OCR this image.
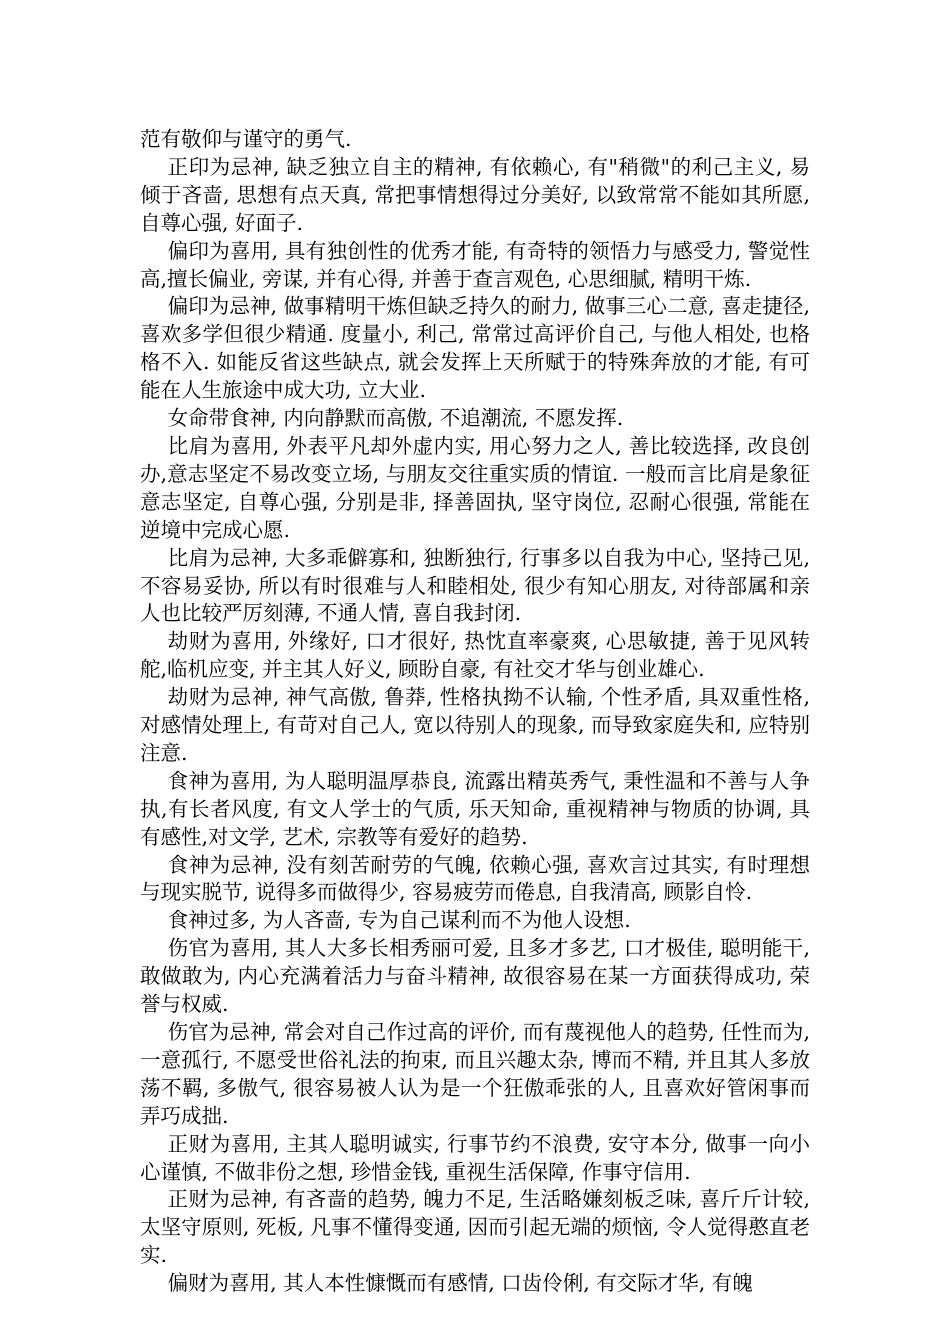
范有敬仰与谨守的勇气.

正印为忌神, 缺乏独立自主的精神, 有依赖心, 有"稍微"的利己主义, 易倾于吝啬, 思想有点天真, 常把事情想得过分美好, 以致常常不能如其所愿, 自尊心强, 好面子.

偏印为喜用, 具有独创性的优秀才能, 有奇特的领悟力与感受力, 警觉性高,擅长偏业, 旁谋, 并有心得, 并善于查言观色, 心思细腻, 精明干炼.

偏印为忌神, 做事精明干炼但缺乏持久的耐力, 做事三心二意, 喜走捷径,喜欢多学但很少精通. 度量小, 利己, 常常过高评价自己, 与他人相处, 也格格不入. 如能反省这些缺点, 就会发挥上天所赋于的特殊奔放的才能, 有可能在人生旅途中成大功, 立大业.

女命带食神, 内向静默而高傲, 不追潮流, 不愿发挥.

比肩为喜用, 外表平凡却外虚内实, 用心努力之人, 善比较选择, 改良创办,意志坚定不易改变立场, 与朋友交往重实质的情谊. 一般而言比肩是象征意志坚定, 自尊心强, 分别是非, 择善固执, 坚守岗位, 忍耐心很强, 常能在逆境中完成心愿.

比肩为忌神, 大多乖僻寡和, 独断独行, 行事多以自我为中心, 坚持己见,不容易妥协, 所以有时很难与人和睦相处, 很少有知心朋友, 对待部属和亲人也比较严厉刻薄, 不通人情, 喜自我封闭.

劫财为喜用, 外缘好, 口才很好, 热忱直率豪爽, 心思敏捷, 善于见风转舵,临机应变, 并主其人好义, 顾盼自豪, 有社交才华与创业雄心.

劫财为忌神, 神气高傲, 鲁莽, 性格执拗不认输, 个性矛盾, 具双重性格,对感情处理上, 有苛对自己人, 宽以待别人的现象, 而导致家庭失和, 应特别注意.

食神为喜用, 为人聪明温厚恭良, 流露出精英秀气, 秉性温和不善与人争执,有长者风度, 有文人学士的气质, 乐天知命, 重视精神与物质的协调, 具有感性,对文学, 艺术, 宗教等有爱好的趋势.

食神为忌神, 没有刻苦耐劳的气魄, 依赖心强, 喜欢言过其实, 有时理想与现实脱节, 说得多而做得少, 容易疲劳而倦息, 自我清高, 顾影自怜.

食神过多, 为人吝啬, 专为自己谋利而不为他人设想.

伤官为喜用, 其人大多长相秀丽可爱, 且多才多艺, 口才极佳, 聪明能干,敢做敢为, 内心充满着活力与奋斗精神, 故很容易在某一方面获得成功, 荣誉与权威.

伤官为忌神, 常会对自己作过高的评价, 而有蔑视他人的趋势, 任性而为,一意孤行, 不愿受世俗礼法的拘束, 而且兴趣太杂, 博而不精, 并且其人多放荡不羁, 多傲气, 很容易被人认为是一个狂傲乖张的人, 且喜欢好管闲事而弄巧成拙.

正财为喜用, 主其人聪明诚实, 行事节约不浪费, 安守本分, 做事一向小心谨慎, 不做非份之想, 珍惜金钱, 重视生活保障, 作事守信用.

正财为忌神, 有吝啬的趋势, 魄力不足, 生活略嫌刻板乏味, 喜斤斤计较,太坚守原则, 死板, 凡事不懂得变通, 因而引起无端的烦恼, 令人觉得憨直老实.

偏财为喜用, 其人本性慷慨而有感情, 口齿伶俐, 有交际才华, 有魄
